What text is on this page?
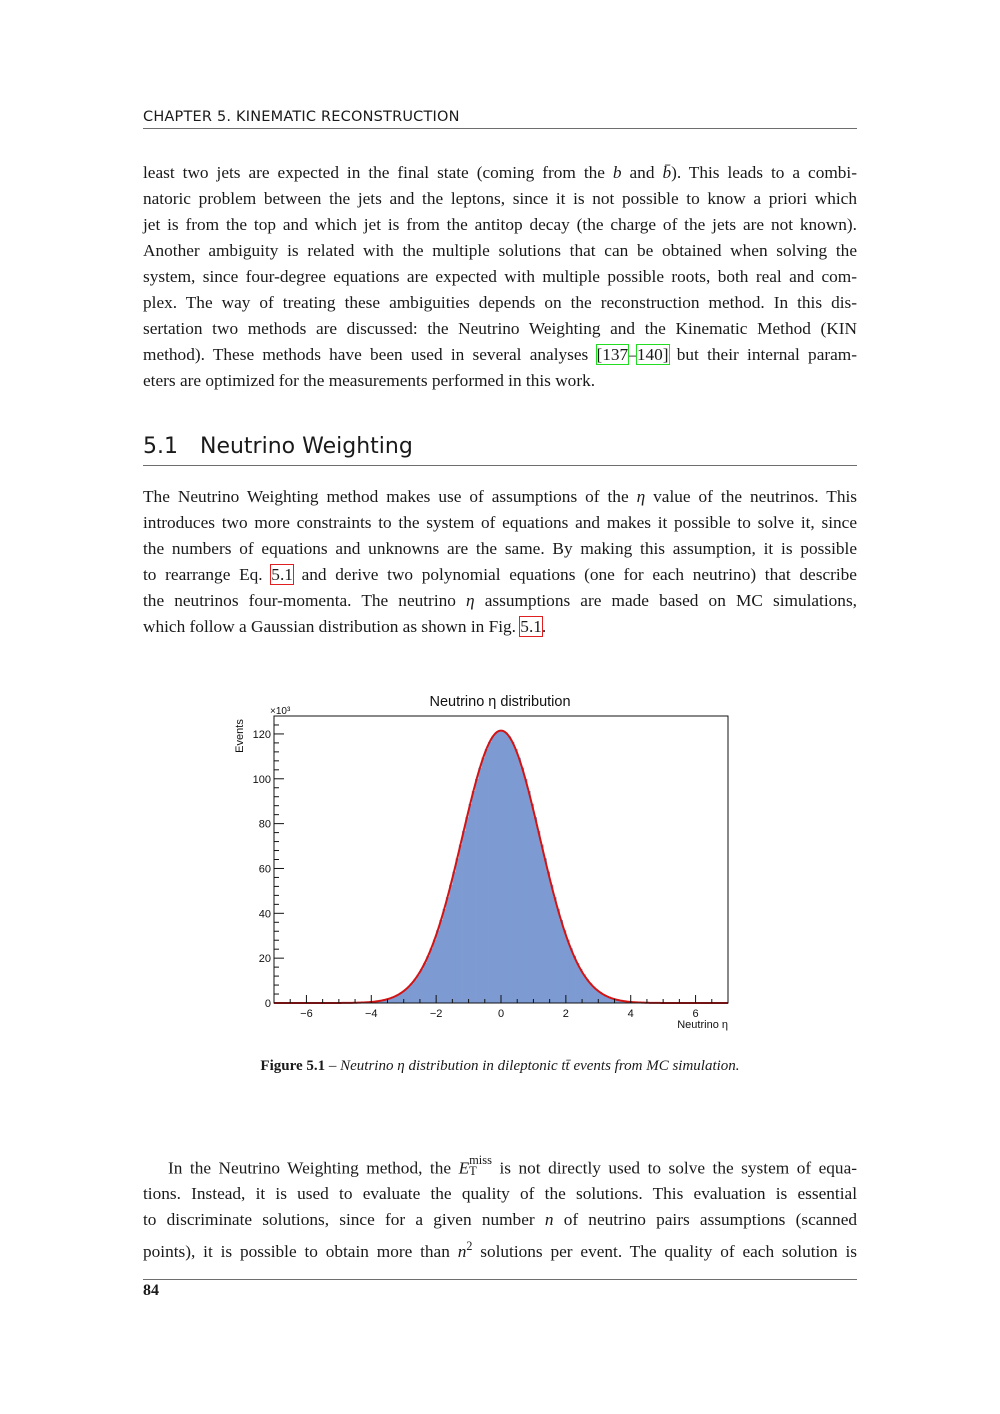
CHAPTER 5. KINEMATIC RECONSTRUCTION

least two jets are expected in the final state (coming from the b and b̄). This leads to a combi-
natoric problem between the jets and the leptons, since it is not possible to know a priori which
jet is from the top and which jet is from the antitop decay (the charge of the jets are not known).
Another ambiguity is related with the multiple solutions that can be obtained when solving the
system, since four-degree equations are expected with multiple possible roots, both real and com-
plex. The way of treating these ambiguities depends on the reconstruction method. In this dis-
sertation two methods are discussed: the Neutrino Weighting and the Kinematic Method (KIN
method). These methods have been used in several analyses [137–140] but their internal param-
eters are optimized for the measurements performed in this work.

5.1 Neutrino Weighting

The Neutrino Weighting method makes use of assumptions of the η value of the neutrinos. This
introduces two more constraints to the system of equations and makes it possible to solve it, since
the numbers of equations and unknowns are the same. By making this assumption, it is possible
to rearrange Eq. 5.1 and derive two polynomial equations (one for each neutrino) that describe
the neutrinos four-momenta. The neutrino η assumptions are made based on MC simulations,
which follow a Gaussian distribution as shown in Fig. 5.1.

Neutrino η distribution
×10³
Events
Neutrino η
−6	−4	−2	0	2	4	6
0
20
40
60
80
100
120
Figure 5.1 – Neutrino η distribution in dileptonic tt̄ events from MC simulation.

In the Neutrino Weighting method, the E miss
T is not directly used to solve the system of equa-
tions. Instead, it is used to evaluate the quality of the solutions. This evaluation is essential
to discriminate solutions, since for a given number n of neutrino pairs assumptions (scanned
points), it is possible to obtain more than $n^2$ solutions per event. The quality of each solution is

84
